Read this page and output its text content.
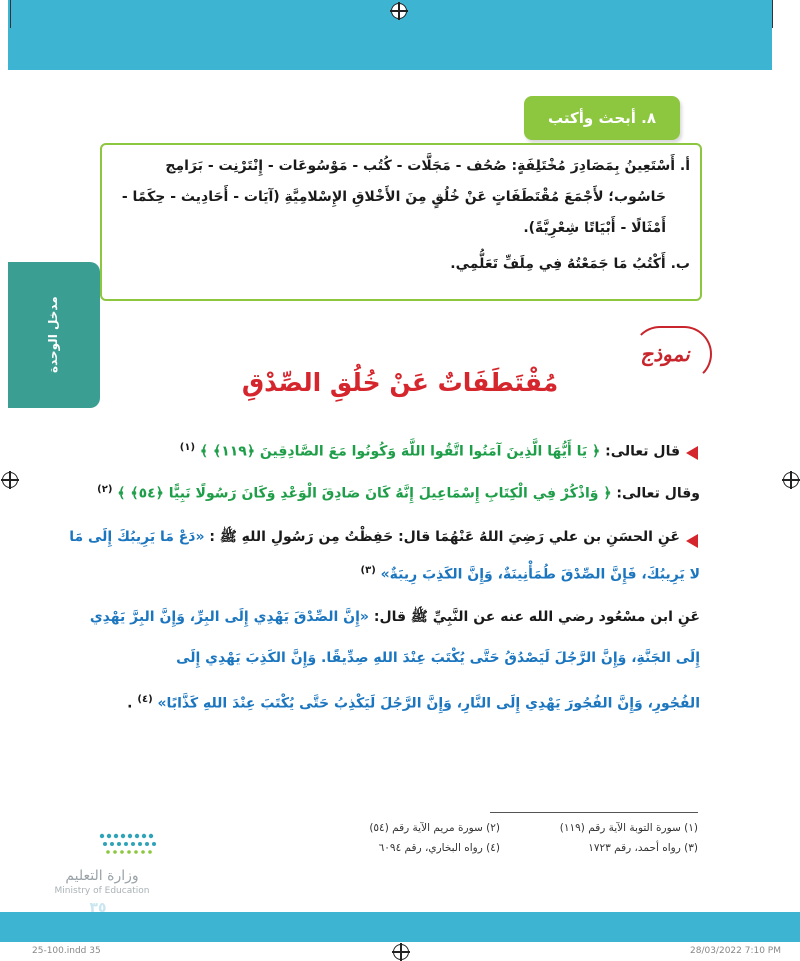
مدخل الوحدة
٨. أبحث وأكتب
أ. أَسْتَعِينُ بِمَصَادِرَ مُخْتَلِفَةٍ: صُحُف - مَجَلَّات - كُتُب - مَوْسُوعَات - إِنْتَرْنِت - بَرَامِج
حَاسُوب؛ لأَجْمَعَ مُقْتَطَفَاتٍ عَنْ خُلُقٍ مِنَ الأَخْلاقِ الإِسْلامِيَّةِ (آيَات - أَحَادِيث - حِكَمًا -
أَمْثَالًا - أَبْيَاتًا شِعْرِيَّةً).
ب. أَكْتُبُ مَا جَمَعْتُهُ فِي مِلَفِّ تَعَلُّمِي.
نموذج
مُقْتَطَفَاتٌ عَنْ خُلُقِ الصِّدْقِ
قال تعالى: ﴿ يَا أَيُّهَا الَّذِينَ آمَنُوا اتَّقُوا اللَّهَ وَكُونُوا مَعَ الصَّادِقِينَ ﴿١١٩﴾ ﴾ $^{(١)}$
وقال تعالى: ﴿ وَاذْكُرْ فِي الْكِتَابِ إِسْمَاعِيلَ إِنَّهُ كَانَ صَادِقَ الْوَعْدِ وَكَانَ رَسُولًا نَبِيًّا ﴿٥٤﴾ ﴾ $^{(٢)}$
عَنِ الحسَنِ بن علي رَضِيَ اللهُ عَنْهُمَا قال: حَفِظْتُ مِن رَسُولِ اللهِ ﷺ : «دَعْ مَا يَرِيبُكَ إِلَى مَا
لا يَرِيبُكَ، فَإِنَّ الصِّدْقَ طُمَأْنِينَةٌ، وَإِنَّ الكَذِبَ رِيبَةٌ» $^{(٣)}$
عَنِ ابن مسْعُود رضي الله عنه عن النَّبِيِّ ﷺ قال: «إِنَّ الصِّدْقَ يَهْدِي إِلَى البِرِّ، وَإِنَّ البِرَّ يَهْدِي
إِلَى الجَنَّةِ، وَإِنَّ الرَّجُلَ لَيَصْدُقُ حَتَّى يُكْتَبَ عِنْدَ اللهِ صِدِّيقًا. وَإِنَّ الكَذِبَ يَهْدِي إِلَى
الفُجُورِ، وَإِنَّ الفُجُورَ يَهْدِي إِلَى النَّارِ، وَإِنَّ الرَّجُلَ لَيَكْذِبُ حَتَّى يُكْتَبَ عِنْدَ اللهِ كَذَّابًا» $^{(٤)}$ .
(١) سورة التوبة الآية رقم (١١٩)
(٢) سورة مريم الآية رقم (٥٤)
(٣) رواه أحمد، رقم ١٧٢٣
(٤) رواه البخاري، رقم ٦٠٩٤
وزارة التعليم
Ministry of Education
٣٥
25-100.indd 35	28/03/2022 7:10 PM
